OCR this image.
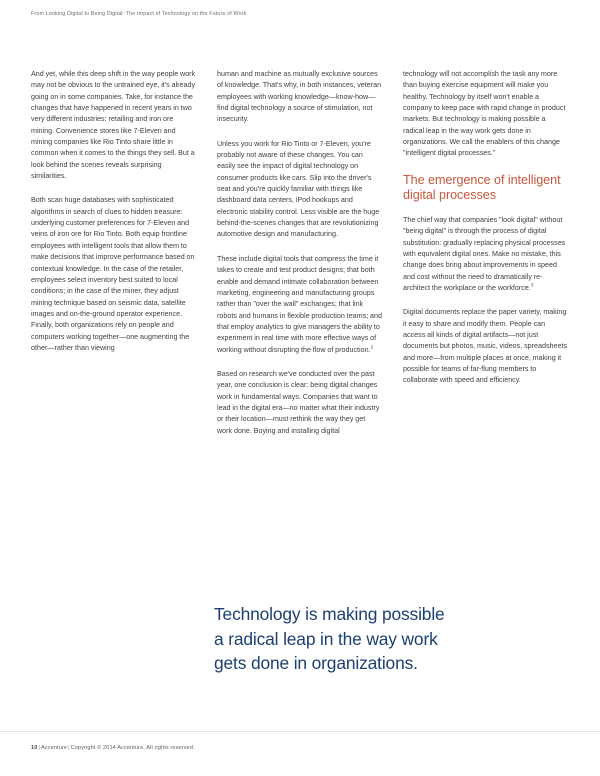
From Looking Digital to Being Digital: The Impact of Technology on the Future of Work

And yet, while this deep shift in the way people work may not be obvious to the untrained eye, it's already going on in some companies. Take, for instance the changes that have happened in recent years in two very different industries: retailing and iron ore mining. Convenience stores like 7-Eleven and mining companies like Rio Tinto share little in common when it comes to the things they sell. But a look behind the scenes reveals surprising similarities.

Both scan huge databases with sophisticated algorithms in search of clues to hidden treasure: underlying customer preferences for 7-Eleven and veins of iron ore for Rio Tinto. Both equip frontline employees with intelligent tools that allow them to make decisions that improve performance based on contextual knowledge. In the case of the retailer, employees select inventory best suited to local conditions; in the case of the miner, they adjust mining technique based on seismic data, satellite images and on-the-ground operator experience. Finally, both organizations rely on people and computers working together—one augmenting the other—rather than viewing

human and machine as mutually exclusive sources of knowledge. That's why, in both instances, veteran employees with working knowledge—know-how—find digital technology a source of stimulation, not insecurity.

Unless you work for Rio Tinto or 7-Eleven, you're probably not aware of these changes. You can easily see the impact of digital technology on consumer products like cars. Slip into the driver's seat and you're quickly familiar with things like dashboard data centers, iPod hookups and electronic stability control. Less visible are the huge behind-the-scenes changes that are revolutionizing automotive design and manufacturing.

These include digital tools that compress the time it takes to create and test product designs; that both enable and demand intimate collaboration between marketing, engineering and manufacturing groups rather than "over the wall" exchanges; that link robots and humans in flexible production teams; and that employ analytics to give managers the ability to experiment in real time with more effective ways of working without disrupting the flow of production.$^2$

Based on research we've conducted over the past year, one conclusion is clear: being digital changes work in fundamental ways. Companies that want to lead in the digital era—no matter what their industry or their location—must rethink the way they get work done. Buying and installing digital

technology will not accomplish the task any more than buying exercise equipment will make you healthy. Technology by itself won't enable a company to keep pace with rapid change in product markets. But technology is making possible a radical leap in the way work gets done in organizations. We call the enablers of this change "intelligent digital processes."

The emergence of intelligent digital processes

The chief way that companies "look digital" without "being digital" is through the process of digital substitution: gradually replacing physical processes with equivalent digital ones. Make no mistake, this change does bring about improvements in speed and cost without the need to dramatically re-architect the workplace or the workforce.$^3$

Digital documents replace the paper variety, making it easy to share and modify them. People can access all kinds of digital artifacts—not just documents but photos, music, videos, spreadsheets and more—from multiple places at once, making it possible for teams of far-flung members to collaborate with speed and efficiency.

Technology is making possible
a radical leap in the way work
gets done in organizations.
10|Accenture|Copyright © 2014 Accenture. All rights reserved.
